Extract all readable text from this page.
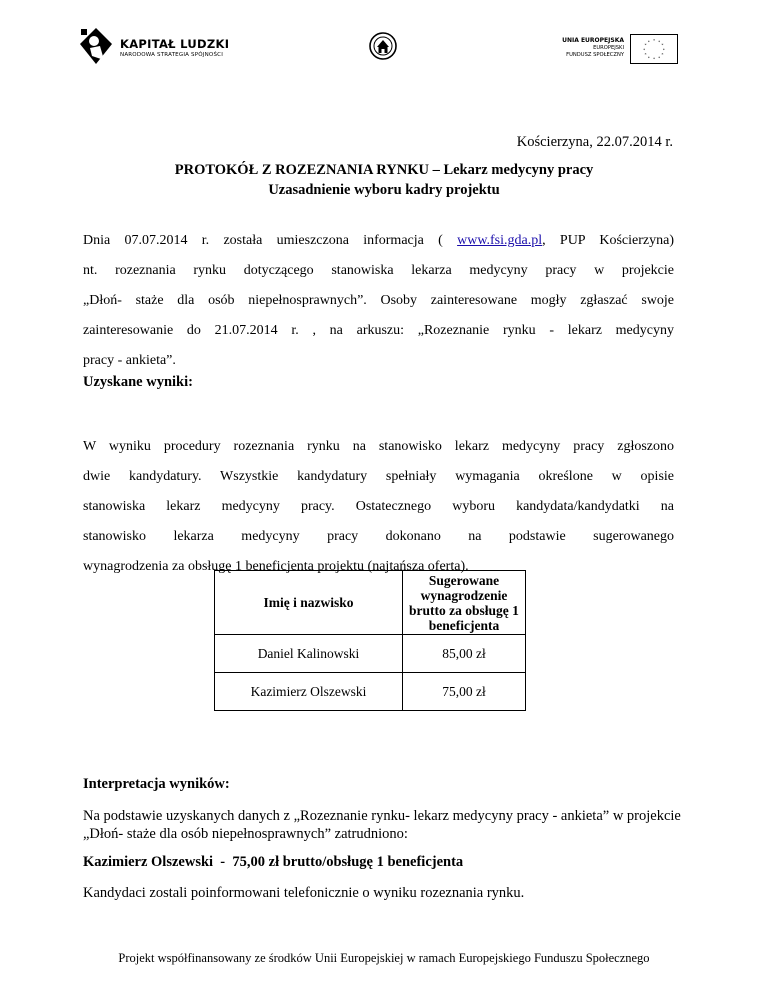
KAPITAŁ LUDZKI
NARODOWA STRATEGIA SPÓJNOŚCI
UNIA EUROPEJSKA
EUROPEJSKI
FUNDUSZ SPOŁECZNY
* *
*
*
*
*
*
*
*
*
*
*
Kościerzyna, 22.07.2014 r.
PROTOKÓŁ Z ROZEZNANIA RYNKU – Lekarz medycyny pracy
Uzasadnienie wyboru kadry projektu
Dnia 07.07.2014 r. została umieszczona informacja ( www.fsi.gda.pl, PUP Kościerzyna)
nt. rozeznania rynku dotyczącego stanowiska lekarza medycyny pracy w projekcie
„Dłoń- staże dla osób niepełnosprawnych”. Osoby zainteresowane mogły zgłaszać swoje
zainteresowanie do 21.07.2014 r. , na arkuszu: „Rozeznanie rynku - lekarz medycyny
pracy - ankieta”.
Uzyskane wyniki:
W wyniku procedury rozeznania rynku na stanowisko lekarz medycyny pracy zgłoszono
dwie kandydatury. Wszystkie kandydatury spełniały wymagania określone w opisie
stanowiska lekarz medycyny pracy. Ostatecznego wyboru kandydata/kandydatki na
stanowisko lekarza medycyny pracy dokonano na podstawie sugerowanego
wynagrodzenia za obsługę 1 beneficjenta projektu (najtańsza oferta).
Imię i nazwisko	Sugerowane wynagrodzenie brutto za obsługę 1 beneficjenta
Daniel Kalinowski	85,00 zł
Kazimierz Olszewski	75,00 zł
Interpretacja wyników:
Na podstawie uzyskanych danych z „Rozeznanie rynku- lekarz medycyny pracy - ankieta” w projekcie „Dłoń- staże dla osób niepełnosprawnych” zatrudniono:
Kazimierz Olszewski  -  75,00 zł brutto/obsługę 1 beneficjenta
Kandydaci zostali poinformowani telefonicznie o wyniku rozeznania rynku.
Projekt współfinansowany ze środków Unii Europejskiej w ramach Europejskiego Funduszu Społecznego
